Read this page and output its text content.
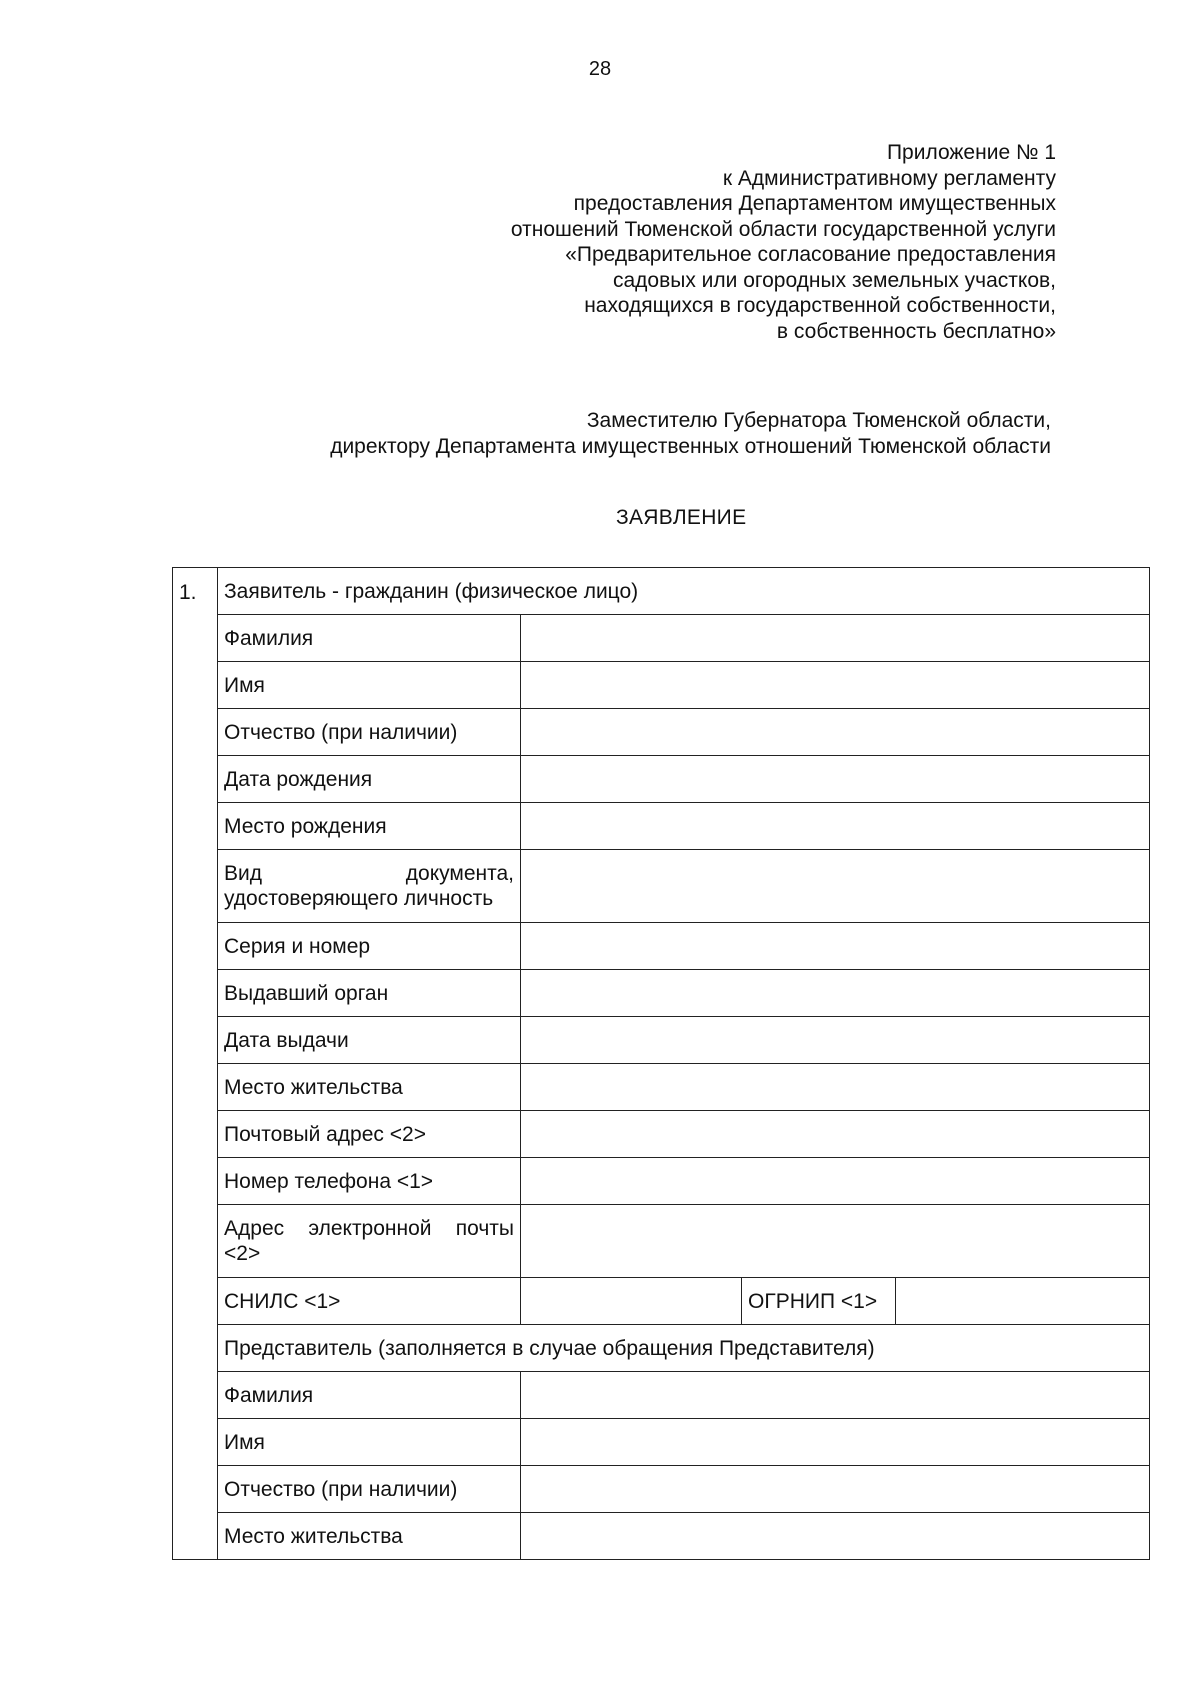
28
Приложение № 1
к Административному регламенту
предоставления Департаментом имущественных
отношений Тюменской области государственной услуги
«Предварительное согласование предоставления
садовых или огородных земельных участков,
находящихся в государственной собственности,
в собственность бесплатно»
Заместителю Губернатора Тюменской области,
директору Департамента имущественных отношений Тюменской области
ЗАЯВЛЕНИЕ
1.	Заявитель - гражданин (физическое лицо)			
	Фамилия			
	Имя			
	Отчество (при наличии)			
	Дата рождения			
	Место рождения			

	Вид документа,
удостоверяющего личность			

	Серия и номер			
	Выдавший орган			
	Дата выдачи			
	Место жительства			
	Почтовый адрес <2>			
	Номер телефона <1>			

	Адрес электронной почты
<2>			

	СНИЛС <1>		ОГРНИП <1>	
	Представитель (заполняется в случае обращения Представителя)			
	Фамилия			
	Имя			
	Отчество (при наличии)			
	Место жительства			
